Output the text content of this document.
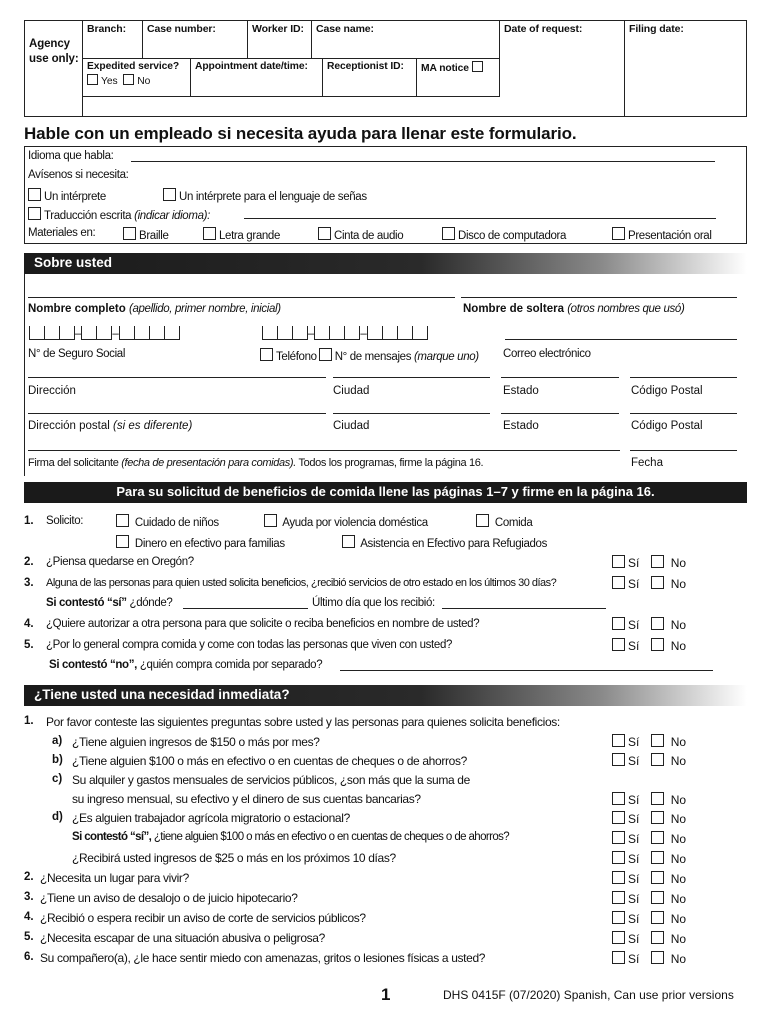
Agency use only:
Branch:	Case number:	Worker ID:	Case name:	Date of request:	Filing date:
Expedited service?
Yes No
Appointment date/time:	Receptionist ID:	MA notice
Hable con un empleado si necesita ayuda para llenar este formulario.
Idioma que habla:
Avísenos si necesita:
Un intérprete	Un intérprete para el lenguaje de señas
Traducción escrita (indicar idioma):
Materiales en:	Braille	Letra grande	Cinta de audio	Disco de computadora	Presentación oral
Sobre usted
Nombre completo (apellido, primer nombre, inicial)	Nombre de soltera (otros nombres que usó)
–	–	–	–
N° de Seguro Social	Teléfono N° de mensajes (marque uno) Correo electrónico
Dirección	Ciudad	Estado	Código Postal
Dirección postal (si es diferente)	Ciudad	Estado	Código Postal
Firma del solicitante (fecha de presentación para comidas). Todos los programas, firme la página 16.	Fecha
Para su solicitud de beneficios de comida llene las páginas 1–7 y firme en la página 16.
1. Solicito:	Cuidado de niños	Ayuda por violencia doméstica	Comida
Dinero en efectivo para familias	Asistencia en Efectivo para Refugiados
2. ¿Piensa quedarse en Oregón?	Sí	No
3. Alguna de las personas para quien usted solicita beneficios, ¿recibió servicios de otro estado en los últimos 30 días?	Sí	No
Si contestó “sí” ¿dónde?	Último día que los recibió:
4. ¿Quiere autorizar a otra persona para que solicite o reciba beneficios en nombre de usted?	Sí	No
5. ¿Por lo general compra comida y come con todas las personas que viven con usted?	Sí	No
Si contestó “no”, ¿quién compra comida por separado?
¿Tiene usted una necesidad inmediata?
1. Por favor conteste las siguientes preguntas sobre usted y las personas para quienes solicita beneficios:
a) ¿Tiene alguien ingresos de $150 o más por mes?	Sí	No
b) ¿Tiene alguien $100 o más en efectivo o en cuentas de cheques o de ahorros?	Sí	No
c) Su alquiler y gastos mensuales de servicios públicos, ¿son más que la suma de
su ingreso mensual, su efectivo y el dinero de sus cuentas bancarias?	Sí	No
d) ¿Es alguien trabajador agrícola migratorio o estacional?	Sí	No
Si contestó “sí”, ¿tiene alguien $100 o más en efectivo o en cuentas de cheques o de ahorros?	Sí	No
¿Recibirá usted ingresos de $25 o más en los próximos 10 días?	Sí	No
2. ¿Necesita un lugar para vivir?	Sí	No
3. ¿Tiene un aviso de desalojo o de juicio hipotecario?	Sí	No
4. ¿Recibió o espera recibir un aviso de corte de servicios públicos?	Sí	No
5. ¿Necesita escapar de una situación abusiva o peligrosa?	Sí	No
6. Su compañero(a), ¿le hace sentir miedo con amenazas, gritos o lesiones físicas a usted?	Sí	No
1	DHS 0415F (07/2020) Spanish, Can use prior versions
